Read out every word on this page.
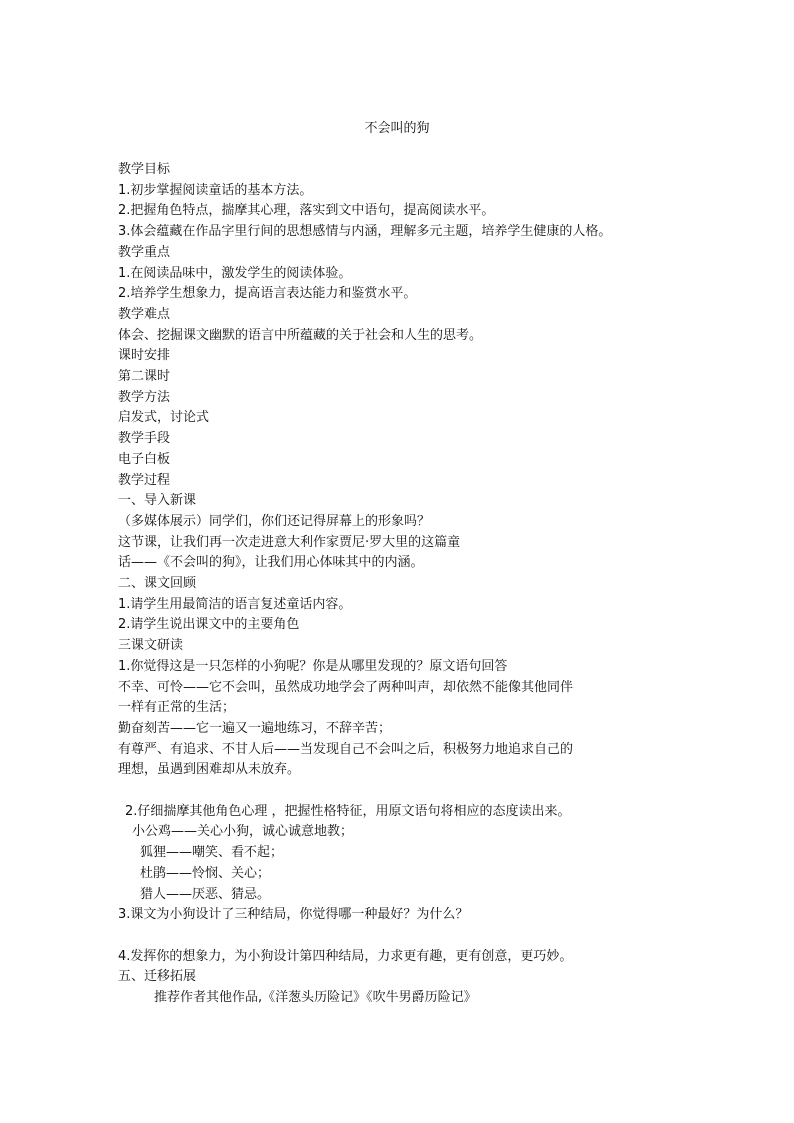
不会叫的狗
教学目标
1.初步掌握阅读童话的基本方法。
2.把握角色特点，揣摩其心理，落实到文中语句，提高阅读水平。
3.体会蕴藏在作品字里行间的思想感情与内涵，理解多元主题，培养学生健康的人格。
教学重点
1.在阅读品味中，激发学生的阅读体验。
2.培养学生想象力，提高语言表达能力和鉴赏水平。
教学难点
体会、挖掘课文幽默的语言中所蕴藏的关于社会和人生的思考。
课时安排
第二课时
教学方法
启发式，讨论式
教学手段
电子白板
教学过程
一、导入新课
（多媒体展示）同学们，你们还记得屏幕上的形象吗？
这节课，让我们再一次走进意大利作家贾尼·罗大里的这篇童
话——《不会叫的狗》，让我们用心体味其中的内涵。
二、课文回顾
1.请学生用最简洁的语言复述童话内容。
2.请学生说出课文中的主要角色
三课文研读
1.你觉得这是一只怎样的小狗呢？你是从哪里发现的？原文语句回答
不幸、可怜——它不会叫，虽然成功地学会了两种叫声，却依然不能像其他同伴
一样有正常的生活；
勤奋刻苦——它一遍又一遍地练习，不辞辛苦；
有尊严、有追求、不甘人后——当发现自己不会叫之后，积极努力地追求自己的
理想，虽遇到困难却从未放弃。
2.仔细揣摩其他角色心理 ，把握性格特征，用原文语句将相应的态度读出来。
小公鸡——关心小狗，诚心诚意地教；
狐狸——嘲笑、看不起；
杜鹃——怜悯、关心；
猎人——厌恶、猜忌。
3.课文为小狗设计了三种结局，你觉得哪一种最好？为什么？
4.发挥你的想象力，为小狗设计第四种结局，力求更有趣，更有创意，更巧妙。
五、迁移拓展
推荐作者其他作品,《洋葱头历险记》《吹牛男爵历险记》
